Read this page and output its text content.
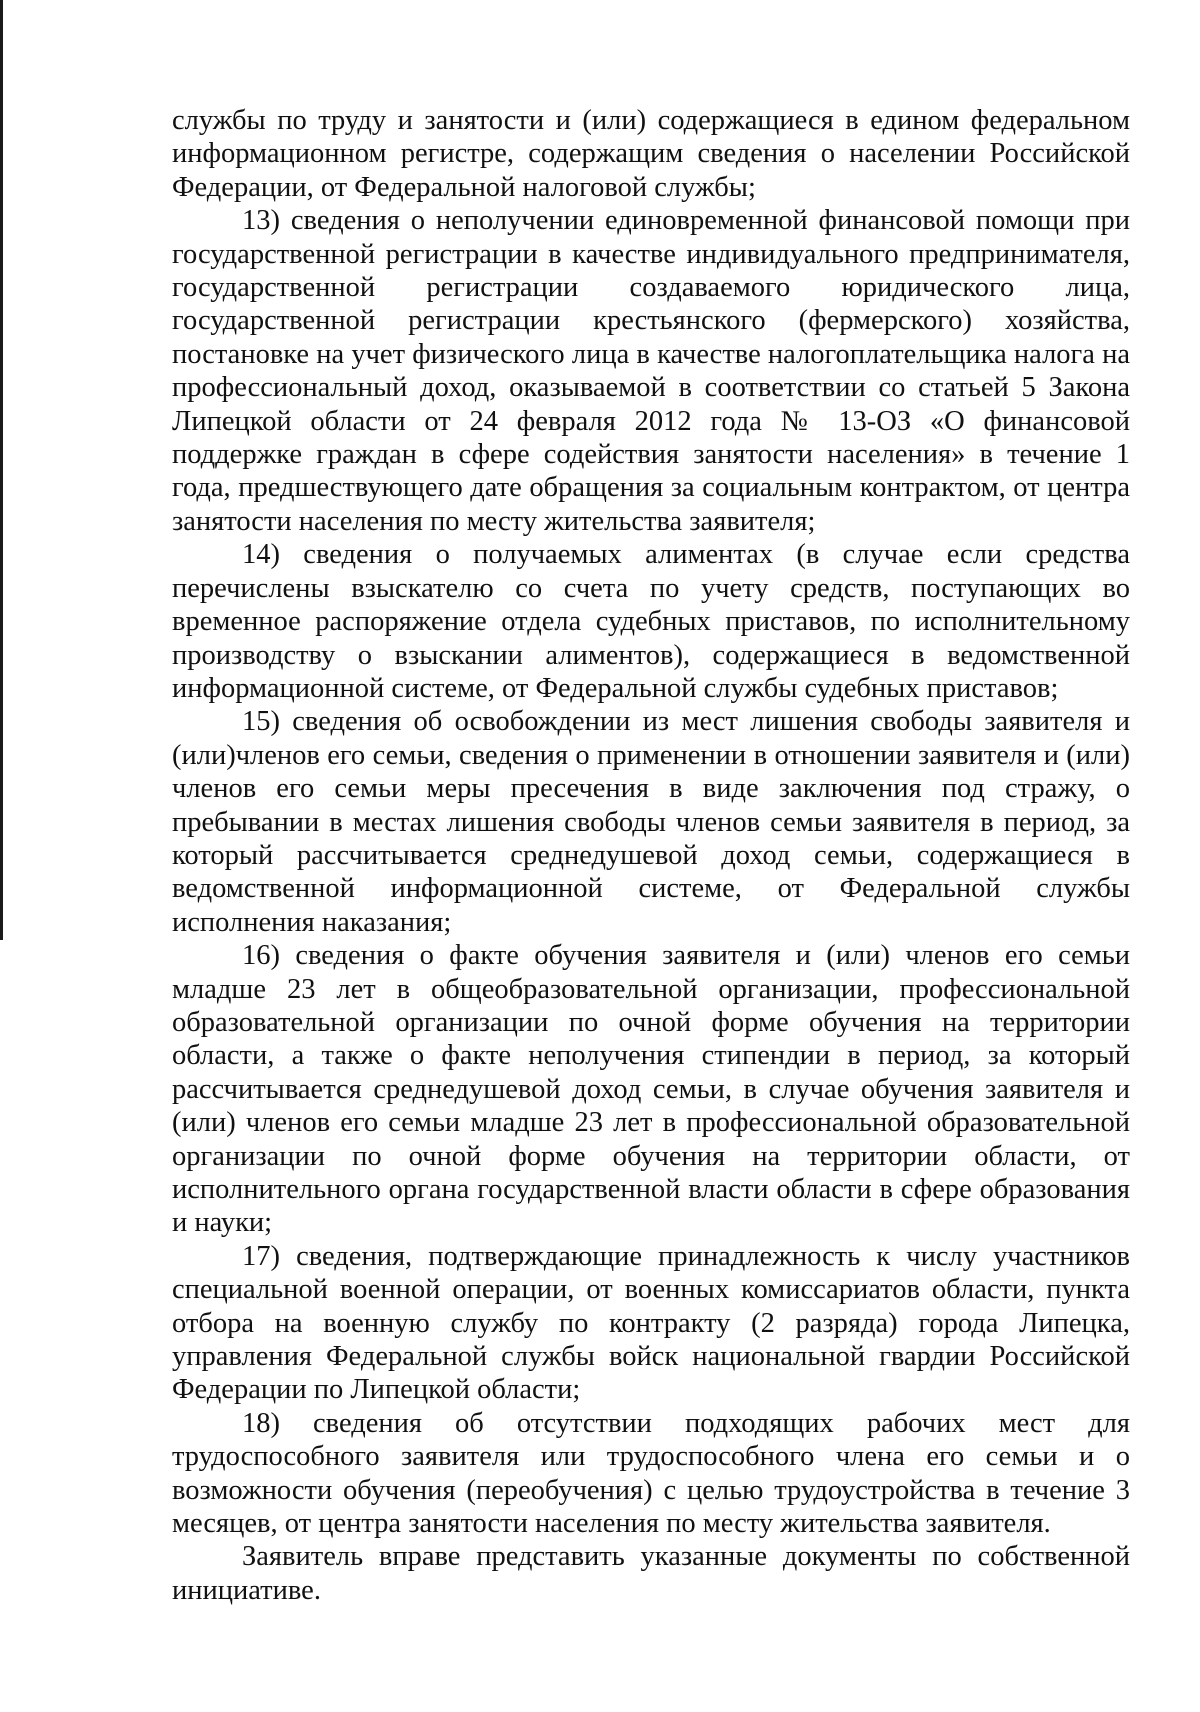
службы по труду и занятости и (или) содержащиеся в едином федеральном информационном регистре, содержащим сведения о населении Российской Федерации, от Федеральной налоговой службы;

13) сведения о неполучении единовременной финансовой помощи при государственной регистрации в качестве индивидуального предпринимателя, государственной регистрации создаваемого юридического лица, государственной регистрации крестьянского (фермерского) хозяйства, постановке на учет физического лица в качестве налогоплательщика налога на профессиональный доход, оказываемой в соответствии со статьей 5 Закона Липецкой области от 24 февраля 2012 года № 13-ОЗ «О финансовой поддержке граждан в сфере содействия занятости населения» в течение 1 года, предшествующего дате обращения за социальным контрактом, от центра занятости населения по месту жительства заявителя;

14) сведения о получаемых алиментах (в случае если средства перечислены взыскателю со счета по учету средств, поступающих во временное распоряжение отдела судебных приставов, по исполнительному производству о взыскании алиментов), содержащиеся в ведомственной информационной системе, от Федеральной службы судебных приставов;

15) сведения об освобождении из мест лишения свободы заявителя и (или)членов его семьи, сведения о применении в отношении заявителя и (или) членов его семьи меры пресечения в виде заключения под стражу, о пребывании в местах лишения свободы членов семьи заявителя в период, за который рассчитывается среднедушевой доход семьи, содержащиеся в ведомственной информационной системе, от Федеральной службы исполнения наказания;

16) сведения о факте обучения заявителя и (или) членов его семьи младше 23 лет в общеобразовательной организации, профессиональной образовательной организации по очной форме обучения на территории области, а также о факте неполучения стипендии в период, за который рассчитывается среднедушевой доход семьи, в случае обучения заявителя и (или) членов его семьи младше 23 лет в профессиональной образовательной организации по очной форме обучения на территории области, от исполнительного органа государственной власти области в сфере образования и науки;

17) сведения, подтверждающие принадлежность к числу участников специальной военной операции, от военных комиссариатов области, пункта отбора на военную службу по контракту (2 разряда) города Липецка, управления Федеральной службы войск национальной гвардии Российской Федерации по Липецкой области;

18) сведения об отсутствии подходящих рабочих мест для трудоспособного заявителя или трудоспособного члена его семьи и о возможности обучения (переобучения) с целью трудоустройства в течение 3 месяцев, от центра занятости населения по месту жительства заявителя.

Заявитель вправе представить указанные документы по собственной инициативе.
